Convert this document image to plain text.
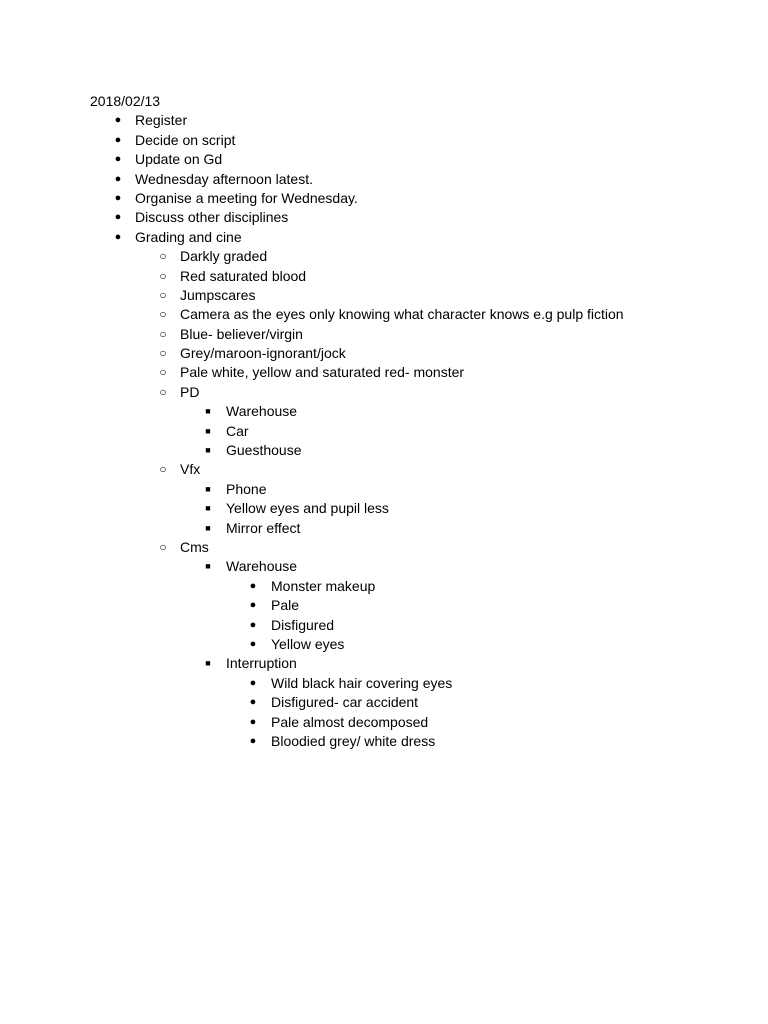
2018/02/13
● Register
● Decide on script
● Update on Gd
● Wednesday afternoon latest.
● Organise a meeting for Wednesday.
● Discuss other disciplines
● Grading and cine
○ Darkly graded
○ Red saturated blood
○ Jumpscares
○ Camera as the eyes only knowing what character knows e.g pulp fiction
○ Blue- believer/virgin
○ Grey/maroon-ignorant/jock
○ Pale white, yellow and saturated red- monster
○ PD
■ Warehouse
■ Car
■ Guesthouse
○ Vfx
■ Phone
■ Yellow eyes and pupil less
■ Mirror effect
○ Cms
■ Warehouse
● Monster makeup
● Pale
● Disfigured
● Yellow eyes
■ Interruption
● Wild black hair covering eyes
● Disfigured- car accident
● Pale almost decomposed
● Bloodied grey/ white dress
